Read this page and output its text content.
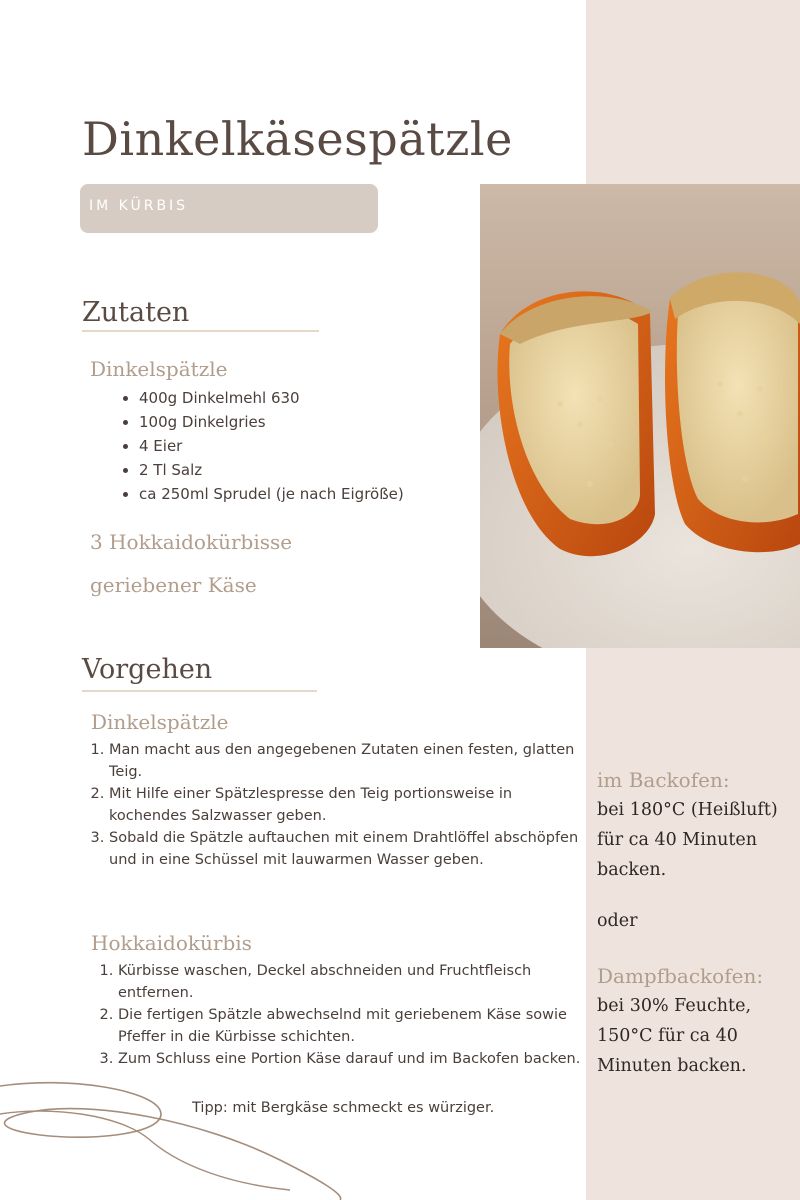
Dinkelkäsespätzle
IM KÜRBIS
Zutaten
Dinkelspätzle
• 400g Dinkelmehl 630
• 100g Dinkelgries
• 4 Eier
• 2 Tl Salz
• ca 250ml Sprudel (je nach Eigröße)
3 Hokkaidokürbisse
geriebener Käse
Vorgehen
Dinkelspätzle
1. Man macht aus den angegebenen Zutaten einen festen, glatten Teig.
2. Mit Hilfe einer Spätzlespresse den Teig portionsweise in kochendes Salzwasser geben.
3. Sobald die Spätzle auftauchen mit einem Drahtlöffel abschöpfen und in eine Schüssel mit lauwarmen Wasser geben.
Hokkaidokürbis
1. Kürbisse waschen, Deckel abschneiden und Fruchtfleisch entfernen.
2. Die fertigen Spätzle abwechselnd mit geriebenem Käse sowie Pfeffer in die Kürbisse schichten.
3. Zum Schluss eine Portion Käse darauf und im Backofen backen.
Tipp: mit Bergkäse schmeckt es würziger.
im Backofen:
bei 180°C (Heißluft) für ca 40 Minuten backen.
oder
Dampfbackofen:
bei 30% Feuchte, 150°C für ca 40 Minuten backen.
